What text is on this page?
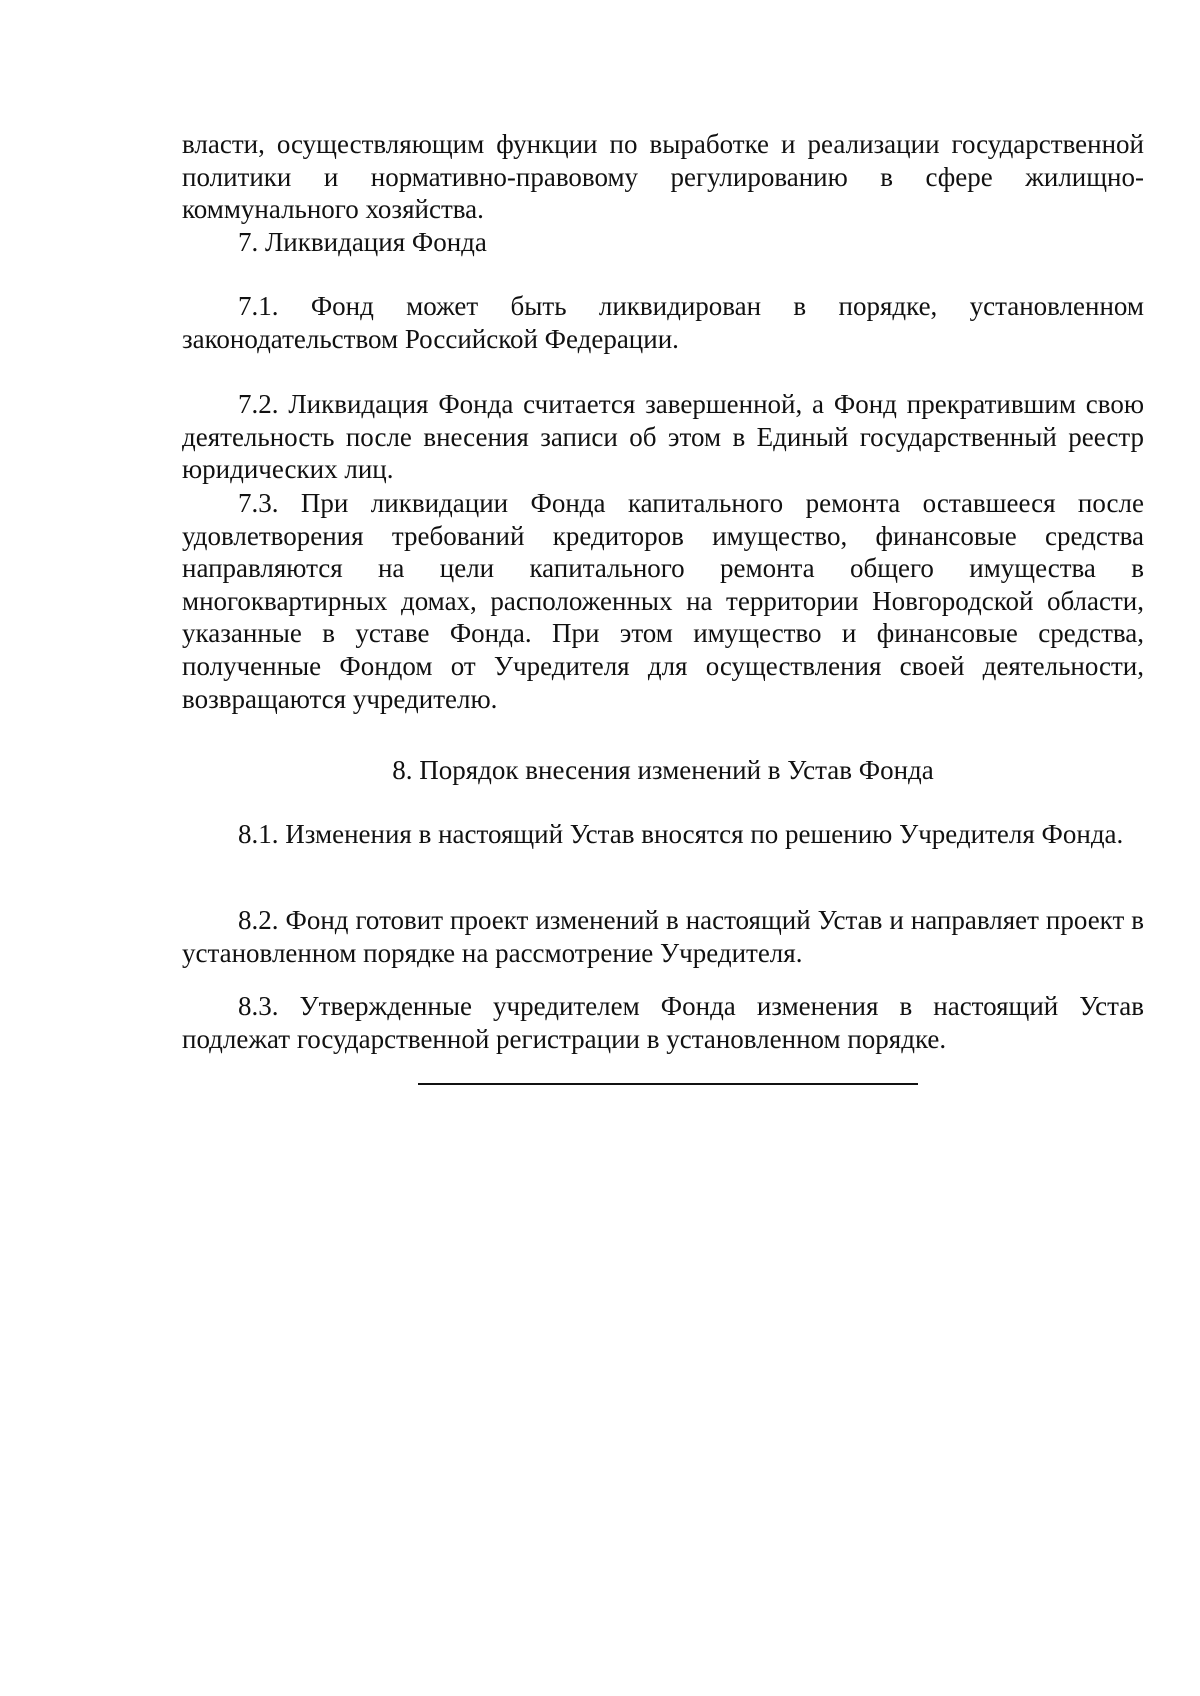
власти, осуществляющим функции по выработке и реализации государственной политики и нормативно-правовому регулированию в сфере жилищно-коммунального хозяйства.

7. Ликвидация Фонда

7.1. Фонд может быть ликвидирован в порядке, установленном законодательством Российской Федерации.

7.2. Ликвидация Фонда считается завершенной, а Фонд прекратившим свою деятельность после внесения записи об этом в Единый государственный реестр юридических лиц.

7.3. При ликвидации Фонда капитального ремонта оставшееся после удовлетворения требований кредиторов имущество, финансовые средства направляются на цели капитального ремонта общего имущества в многоквартирных домах, расположенных на территории Новгородской области, указанные в уставе Фонда. При этом имущество и финансовые средства, полученные Фондом от Учредителя для осуществления своей деятельности, возвращаются учредителю.

8. Порядок внесения изменений в Устав Фонда

8.1. Изменения в настоящий Устав вносятся по решению Учредителя Фонда.

8.2. Фонд готовит проект изменений в настоящий Устав и направляет проект в установленном порядке на рассмотрение Учредителя.

8.3. Утвержденные учредителем Фонда изменения в настоящий Устав подлежат государственной регистрации в установленном порядке.
